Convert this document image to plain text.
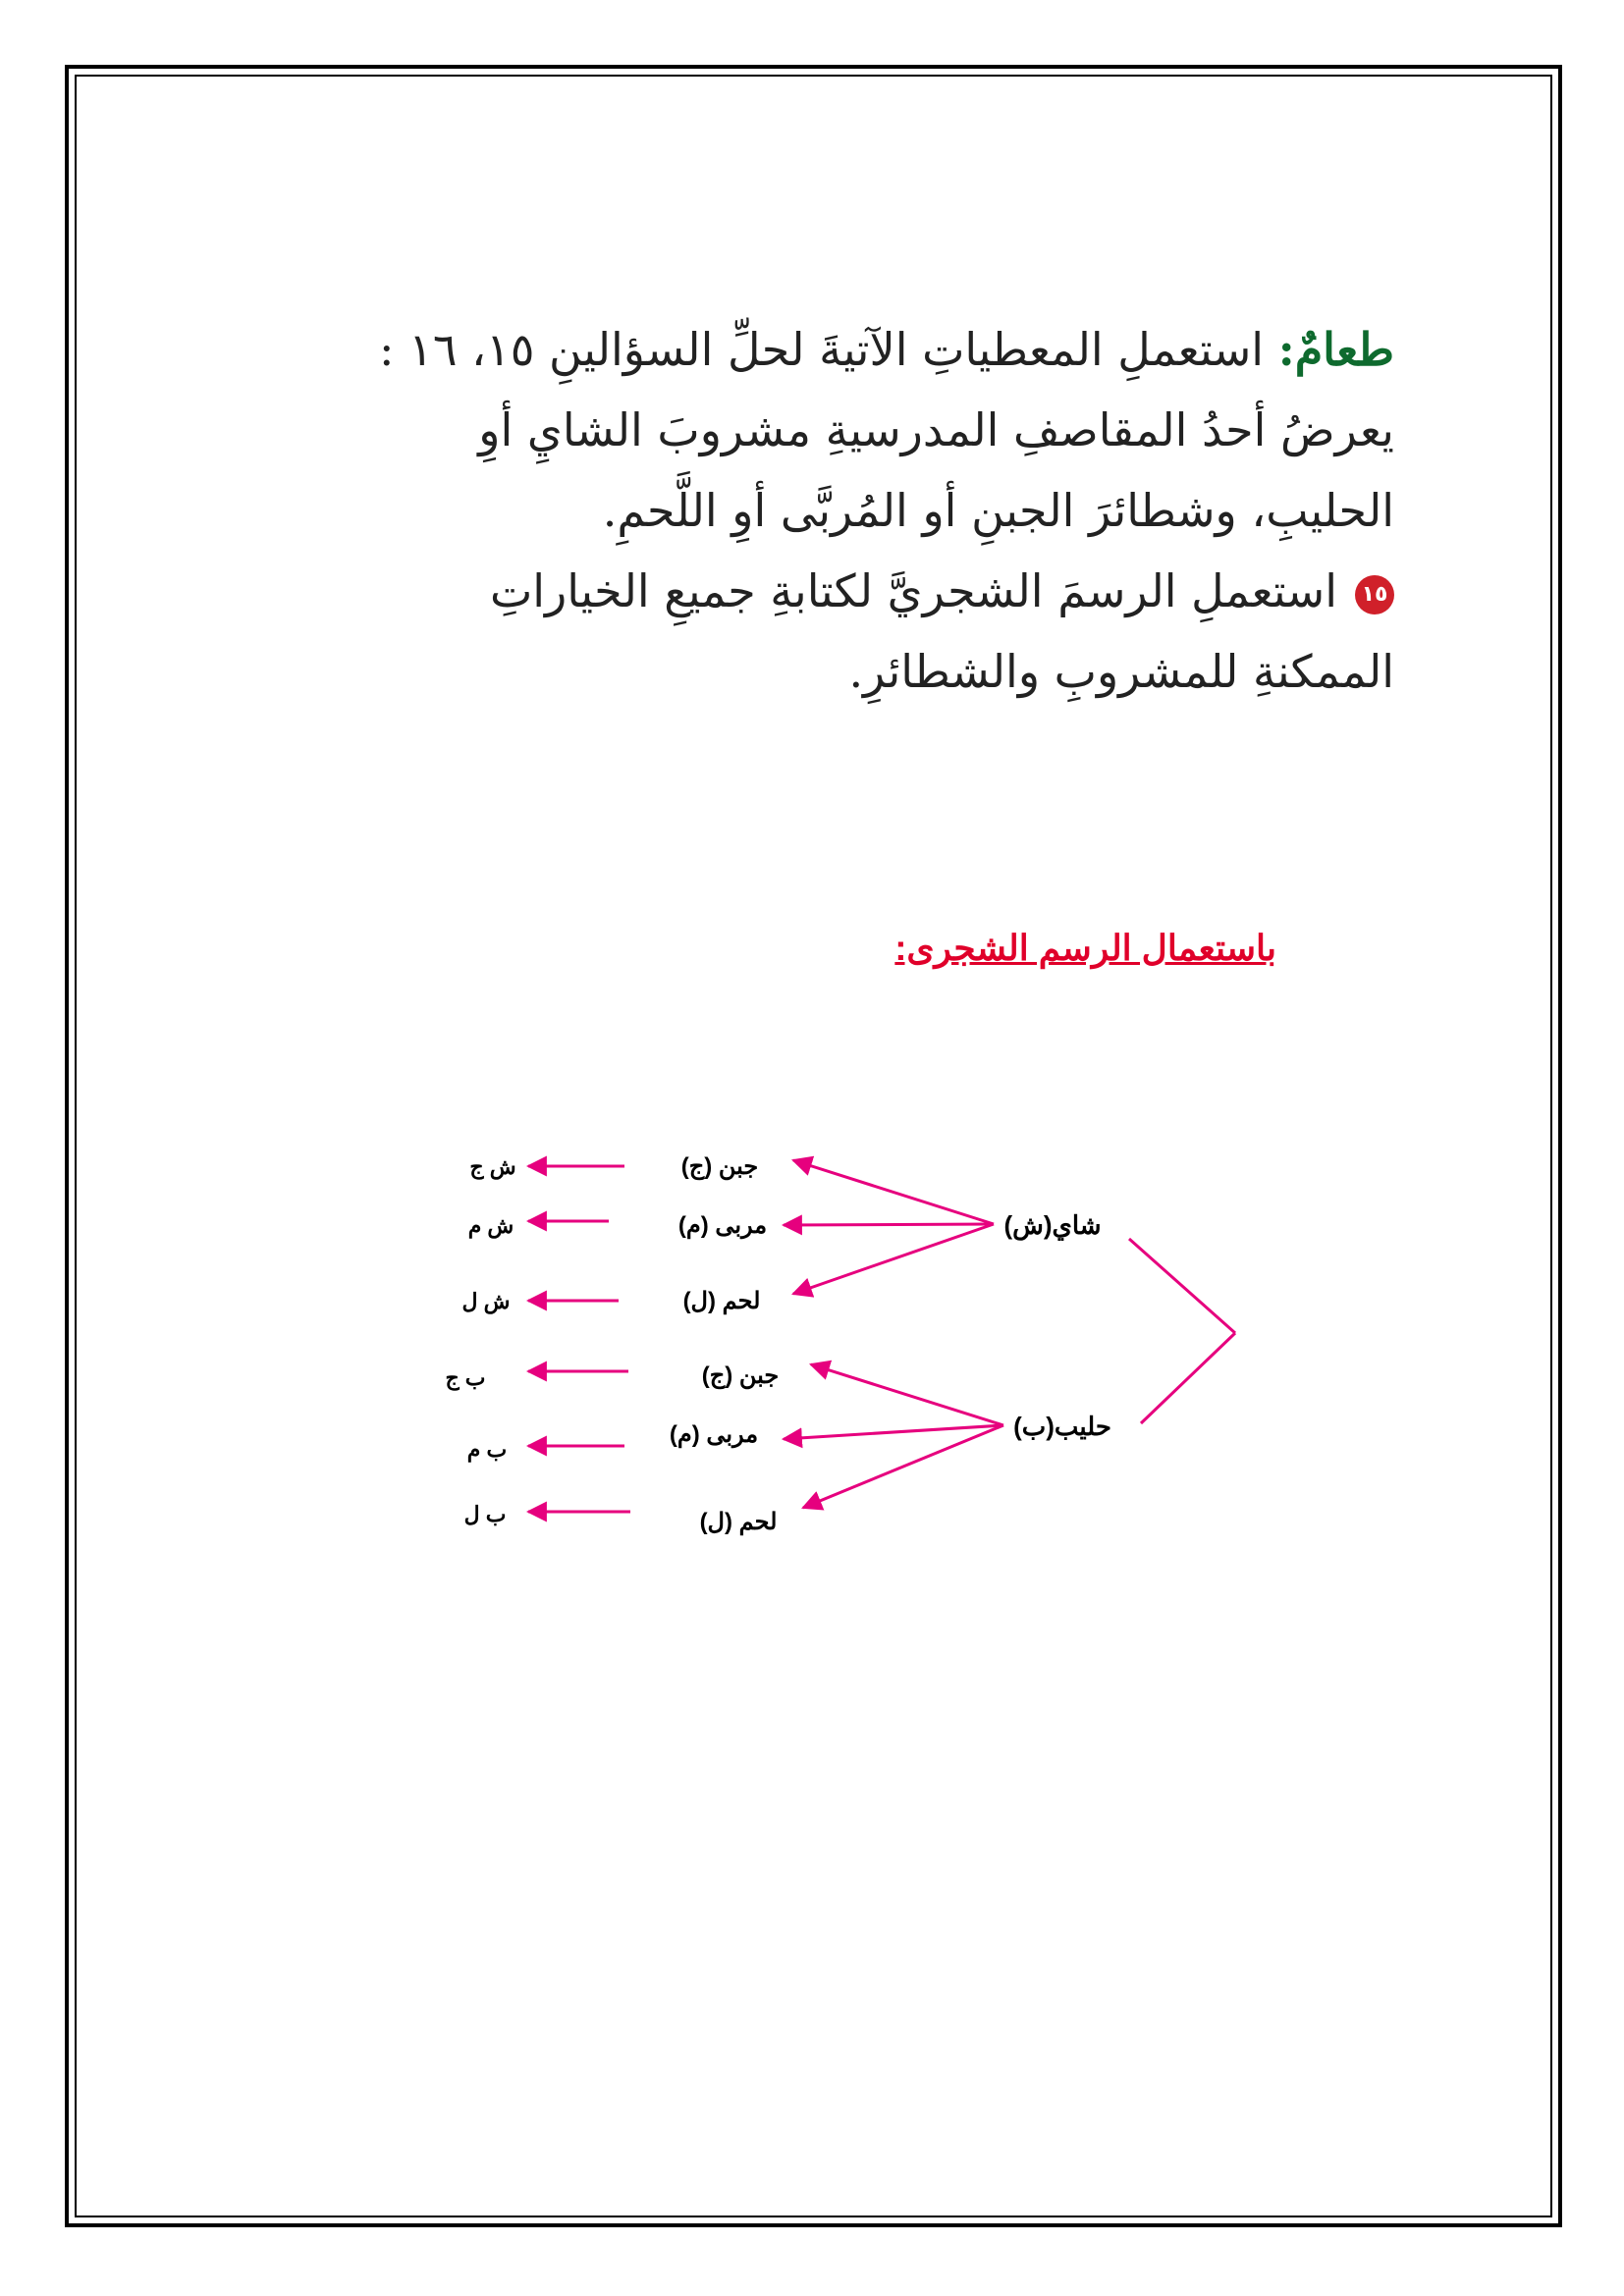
طعامٌ: استعملِ المعطياتِ الآتيةَ لحلِّ السؤالينِ ١٥، ١٦ :
يعرضُ أحدُ المقاصفِ المدرسيةِ مشروبَ الشايِ أوِ
الحليبِ، وشطائرَ الجبنِ أو المُربَّى أوِ اللَّحمِ.
١٥استعملِ الرسمَ الشجريَّ لكتابةِ جميعِ الخياراتِ
الممكنةِ للمشروبِ والشطائرِ.
باستعمال الرسم الشجرى:
شاي(ش)
جبن (ج)
ش ج
مربى (م)
ش م
لحم (ل)
ش ل
حليب(ب)
جبن (ج)
ب ج
مربى (م)
ب م
لحم (ل)
ب ل
